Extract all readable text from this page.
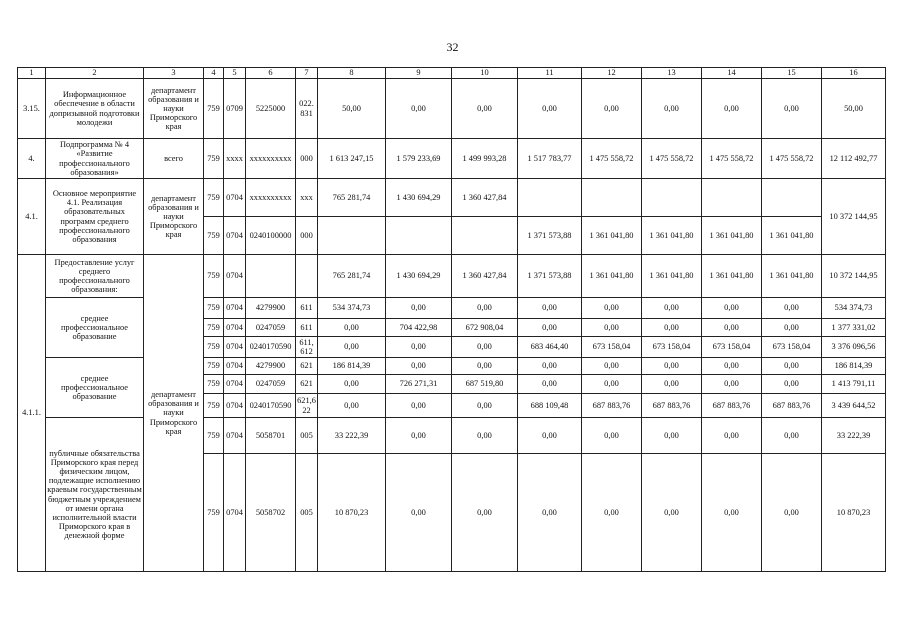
32
1	2	3	4	5	6	7	8	9	10	11	12	13	14	15	16
3.15.	Информационное обеспечение в области допризывной подготовки молодежи	департамент образования и науки Приморского края	759	0709	5225000	022. 831	50,00	0,00	0,00	0,00	0,00	0,00	0,00	0,00	50,00
4.	Подпрограмма № 4 «Развитие профессионального образования»	всего	759	xxxx	xxxxxxxxxx	000	1 613 247,15	1 579 233,69	1 499 993,28	1 517 783,77	1 475 558,72	1 475 558,72	1 475 558,72	1 475 558,72	12 112 492,77
4.1.	Основное мероприятие 4.1. Реализация образовательных программ среднего профессионального образования	департамент образования и науки Приморского края	759	0704	xxxxxxxxxx	xxx	765 281,74	1 430 694,29	1 360 427,84						10 372 144,95
			759	0704	0240100000	000				1 371 573,88	1 361 041,80	1 361 041,80	1 361 041,80	1 361 041,80	
4.1.1.	Предоставление услуг среднего профессионального образования:	департамент образования и науки Приморского края	759	0704			765 281,74	1 430 694,29	1 360 427,84	1 371 573,88	1 361 041,80	1 361 041,80	1 361 041,80	1 361 041,80	10 372 144,95
	среднее профессиональное образование		759	0704	4279900	611	534 374,73	0,00	0,00	0,00	0,00	0,00	0,00	0,00	534 374,73
			759	0704	0247059	611	0,00	704 422,98	672 908,04	0,00	0,00	0,00	0,00	0,00	1 377 331,02
			759	0704	0240170590	611, 612	0,00	0,00	0,00	683 464,40	673 158,04	673 158,04	673 158,04	673 158,04	3 376 096,56
	среднее профессиональное образование		759	0704	4279900	621	186 814,39	0,00	0,00	0,00	0,00	0,00	0,00	0,00	186 814,39
			759	0704	0247059	621	0,00	726 271,31	687 519,80	0,00	0,00	0,00	0,00	0,00	1 413 791,11
			759	0704	0240170590	621,6 22	0,00	0,00	0,00	688 109,48	687 883,76	687 883,76	687 883,76	687 883,76	3 439 644,52
	публичные обязательства Приморского края перед физическим лицом, подлежащие исполнению краевым государственным бюджетным учреждением от имени органа исполнительной власти Приморского края в денежной форме		759	0704	5058701	005	33 222,39	0,00	0,00	0,00	0,00	0,00	0,00	0,00	33 222,39
			759	0704	5058702	005	10 870,23	0,00	0,00	0,00	0,00	0,00	0,00	0,00	10 870,23
